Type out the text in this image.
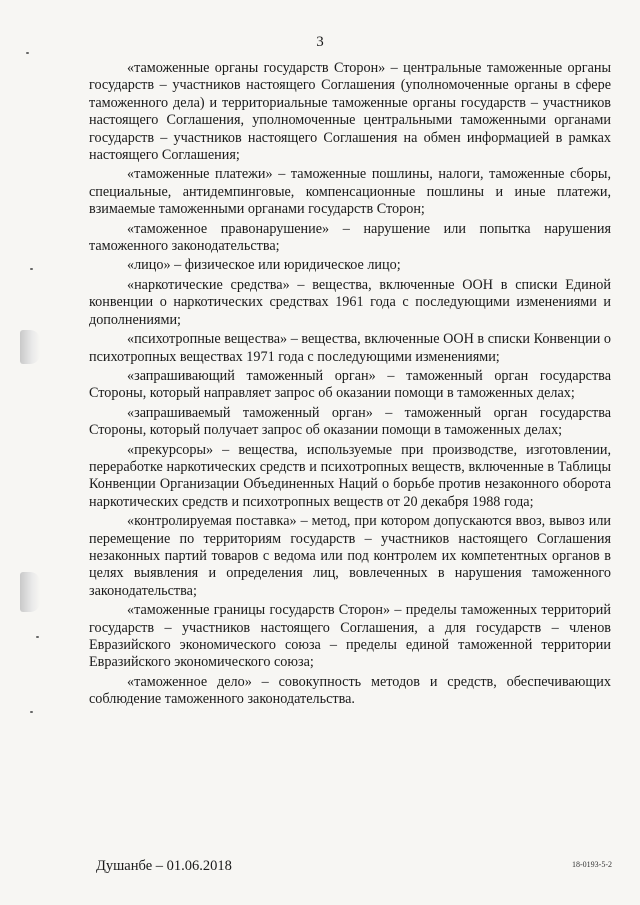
3

«таможенные органы государств Сторон» – центральные таможенные органы государств – участников настоящего Соглашения (уполномоченные органы в сфере таможенного дела) и территориальные таможенные органы государств – участников настоящего Соглашения, уполномоченные центральными таможенными органами государств – участников настоящего Соглашения на обмен информацией в рамках настоящего Соглашения;

«таможенные платежи» – таможенные пошлины, налоги, таможенные сборы, специальные, антидемпинговые, компенсационные пошлины и иные платежи, взимаемые таможенными органами государств Сторон;

«таможенное правонарушение» – нарушение или попытка нарушения таможенного законодательства;

«лицо» – физическое или юридическое лицо;

«наркотические средства» – вещества, включенные ООН в списки Единой конвенции о наркотических средствах 1961 года с последующими изменениями и дополнениями;

«психотропные вещества» – вещества, включенные ООН в списки Конвенции о психотропных веществах 1971 года с последующими изменениями;

«запрашивающий таможенный орган» – таможенный орган государства Стороны, который направляет запрос об оказании помощи в таможенных делах;

«запрашиваемый таможенный орган» – таможенный орган государства Стороны, который получает запрос об оказании помощи в таможенных делах;

«прекурсоры» – вещества, используемые при производстве, изготовлении, переработке наркотических средств и психотропных веществ, включенные в Таблицы Конвенции Организации Объединенных Наций о борьбе против незаконного оборота наркотических средств и психотропных веществ от 20 декабря 1988 года;

«контролируемая поставка» – метод, при котором допускаются ввоз, вывоз или перемещение по территориям государств – участников настоящего Соглашения незаконных партий товаров с ведома или под контролем их компетентных органов в целях выявления и определения лиц, вовлеченных в нарушения таможенного законодательства;

«таможенные границы государств Сторон» – пределы таможенных территорий государств – участников настоящего Соглашения, а для государств – членов Евразийского экономического союза – пределы единой таможенной территории Евразийского экономического союза;

«таможенное дело» – совокупность методов и средств, обеспечивающих соблюдение таможенного законодательства.

Душанбе – 01.06.2018	18-0193-5-2
